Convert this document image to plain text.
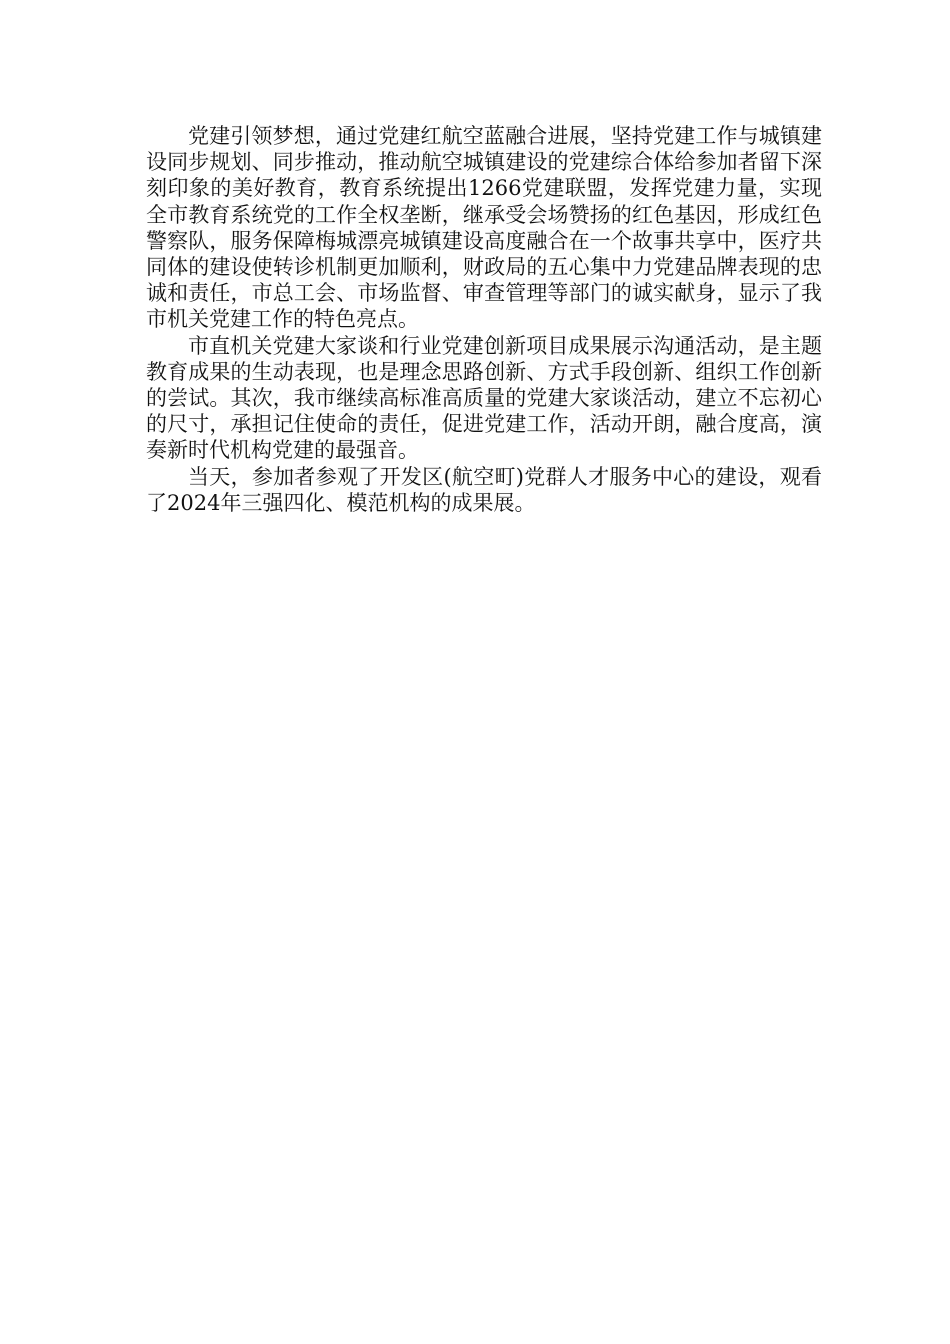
党建引领梦想，通过党建红航空蓝融合进展，坚持党建工作与城镇建设同步规划、同步推动，推动航空城镇建设的党建综合体给参加者留下深刻印象的美好教育，教育系统提出1266党建联盟，发挥党建力量，实现全市教育系统党的工作全权垄断，继承受会场赞扬的红色基因，形成红色警察队，服务保障梅城漂亮城镇建设高度融合在一个故事共享中，医疗共同体的建设使转诊机制更加顺利，财政局的五心集中力党建品牌表现的忠诚和责任，市总工会、市场监督、审查管理等部门的诚实献身，显示了我市机关党建工作的特色亮点。

市直机关党建大家谈和行业党建创新项目成果展示沟通活动，是主题教育成果的生动表现，也是理念思路创新、方式手段创新、组织工作创新的尝试。其次，我市继续高标准高质量的党建大家谈活动，建立不忘初心的尺寸，承担记住使命的责任，促进党建工作，活动开朗，融合度高，演奏新时代机构党建的最强音。

当天，参加者参观了开发区(航空町)党群人才服务中心的建设，观看了2024年三强四化、模范机构的成果展。
